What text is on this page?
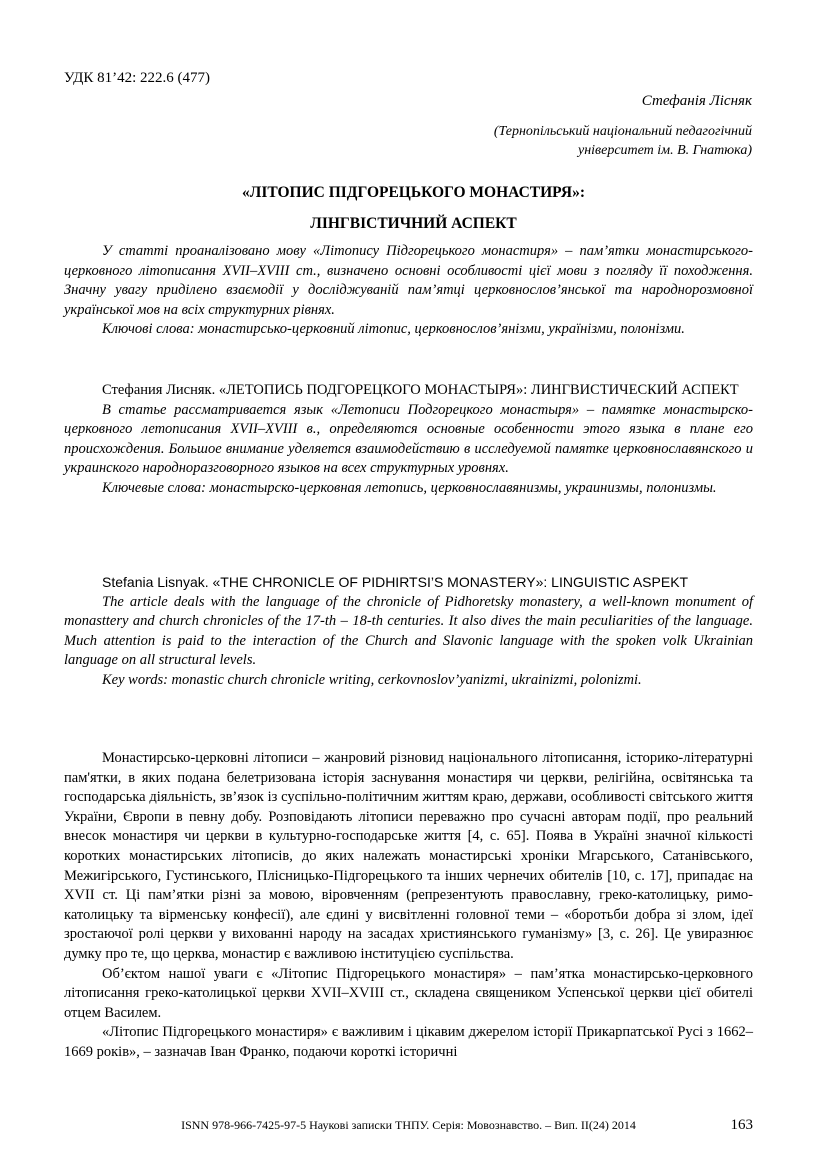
УДК 81’42: 222.6 (477)
Стефанія Лісняк
(Тернопільський національний педагогічний
університет ім. В. Гнатюка)
«ЛІТОПИС ПІДГОРЕЦЬКОГО МОНАСТИРЯ»:
ЛІНГВІСТИЧНИЙ АСПЕКТ

У статті проаналізовано мову «Літопису Підгорецького монастиря» – пам’ятки монастирського-церковного літописання XVII–XVIII ст., визначено основні особливості цієї мови з погляду її походження. Значну увагу приділено взаємодії у досліджуваній пам’ятці церковнослов’янської та народнорозмовної української мов на всіх структурних рівнях.

Ключові слова: монастирсько-церковний літопис, церковнослов’янізми, українізми, полонізми.

Стефания Лисняк. «ЛЕТОПИСЬ ПОДГОРЕЦКОГО МОНАСТЫРЯ»: ЛИНГВИСТИЧЕСКИЙ АСПЕКТ

В статье рассматривается язык «Летописи Подгорецкого монастыря» – памятке монастырско-церковного летописания XVII–XVIII в., определяются основные особенности этого языка в плане его происхождения. Большое внимание уделяется взаимодействию в исследуемой памятке церковнославянского и украинского народноразговорного языков на всех структурных уровнях.

Ключевые слова: монастырско-церковная летопись, церковнославянизмы, украинизмы, полонизмы.

Stefania Lisnyak. «THE CHRONICLE OF PIDHIRTSI’S MONASTERY»: LINGUISTIC ASPEKT

The article deals with the language of the chronicle of Pidhoretsky monastery, a well-known monument of monasttery and church chronicles of the 17-th – 18-th centuries. It also dives the main peculiarities of the language. Much attention is paid to the interaction of the Church and Slavonic language with the spoken volk Ukrainian language on all structural levels.

Key words: monastic church chronicle writing, cerkovnoslov’yanizmi, ukrainizmi, polonizmi.

Монастирсько-церковні літописи – жанровий різновид національного літописання, історико-літературні пам'ятки, в яких подана белетризована історія заснування монастиря чи церкви, релігійна, освітянська та господарська діяльність, зв’язок із суспільно-політичним життям краю, держави, особливості світського життя України, Європи в певну добу. Розповідають літописи переважно про сучасні авторам події, про реальний внесок монастиря чи церкви в культурно-господарське життя [4, с. 65]. Поява в Україні значної кількості коротких монастирських літописів, до яких належать монастирські хроніки Мгарського, Сатанівського, Межигірського, Густинського, Плісницько-Підгорецького та інших чернечих обителів [10, с. 17], припадає на XVII ст. Ці пам’ятки різні за мовою, віровченням (репрезентують православну, греко-католицьку, римо-католицьку та вірменську конфесії), але єдині у висвітленні головної теми – «боротьби добра зі злом, ідеї зростаючої ролі церкви у вихованні народу на засадах християнського гуманізму» [3, с. 26]. Це увиразнює думку про те, що церква, монастир є важливою інституцією суспільства.

Об’єктом нашої уваги є «Літопис Підгорецького монастиря» – пам’ятка монастирсько-церковного літописання греко-католицької церкви XVII–XVIII ст., складена священиком Успенської церкви цієї обителі отцем Василем.

«Літопис Підгорецького монастиря» є важливим і цікавим джерелом історії Прикарпатської Русі з 1662–1669 років», – зазначав Іван Франко, подаючи короткі історичні

ISNN 978-966-7425-97-5 Наукові записки ТНПУ. Серія: Мовознавство. – Вип. ІІ(24) 2014	163
